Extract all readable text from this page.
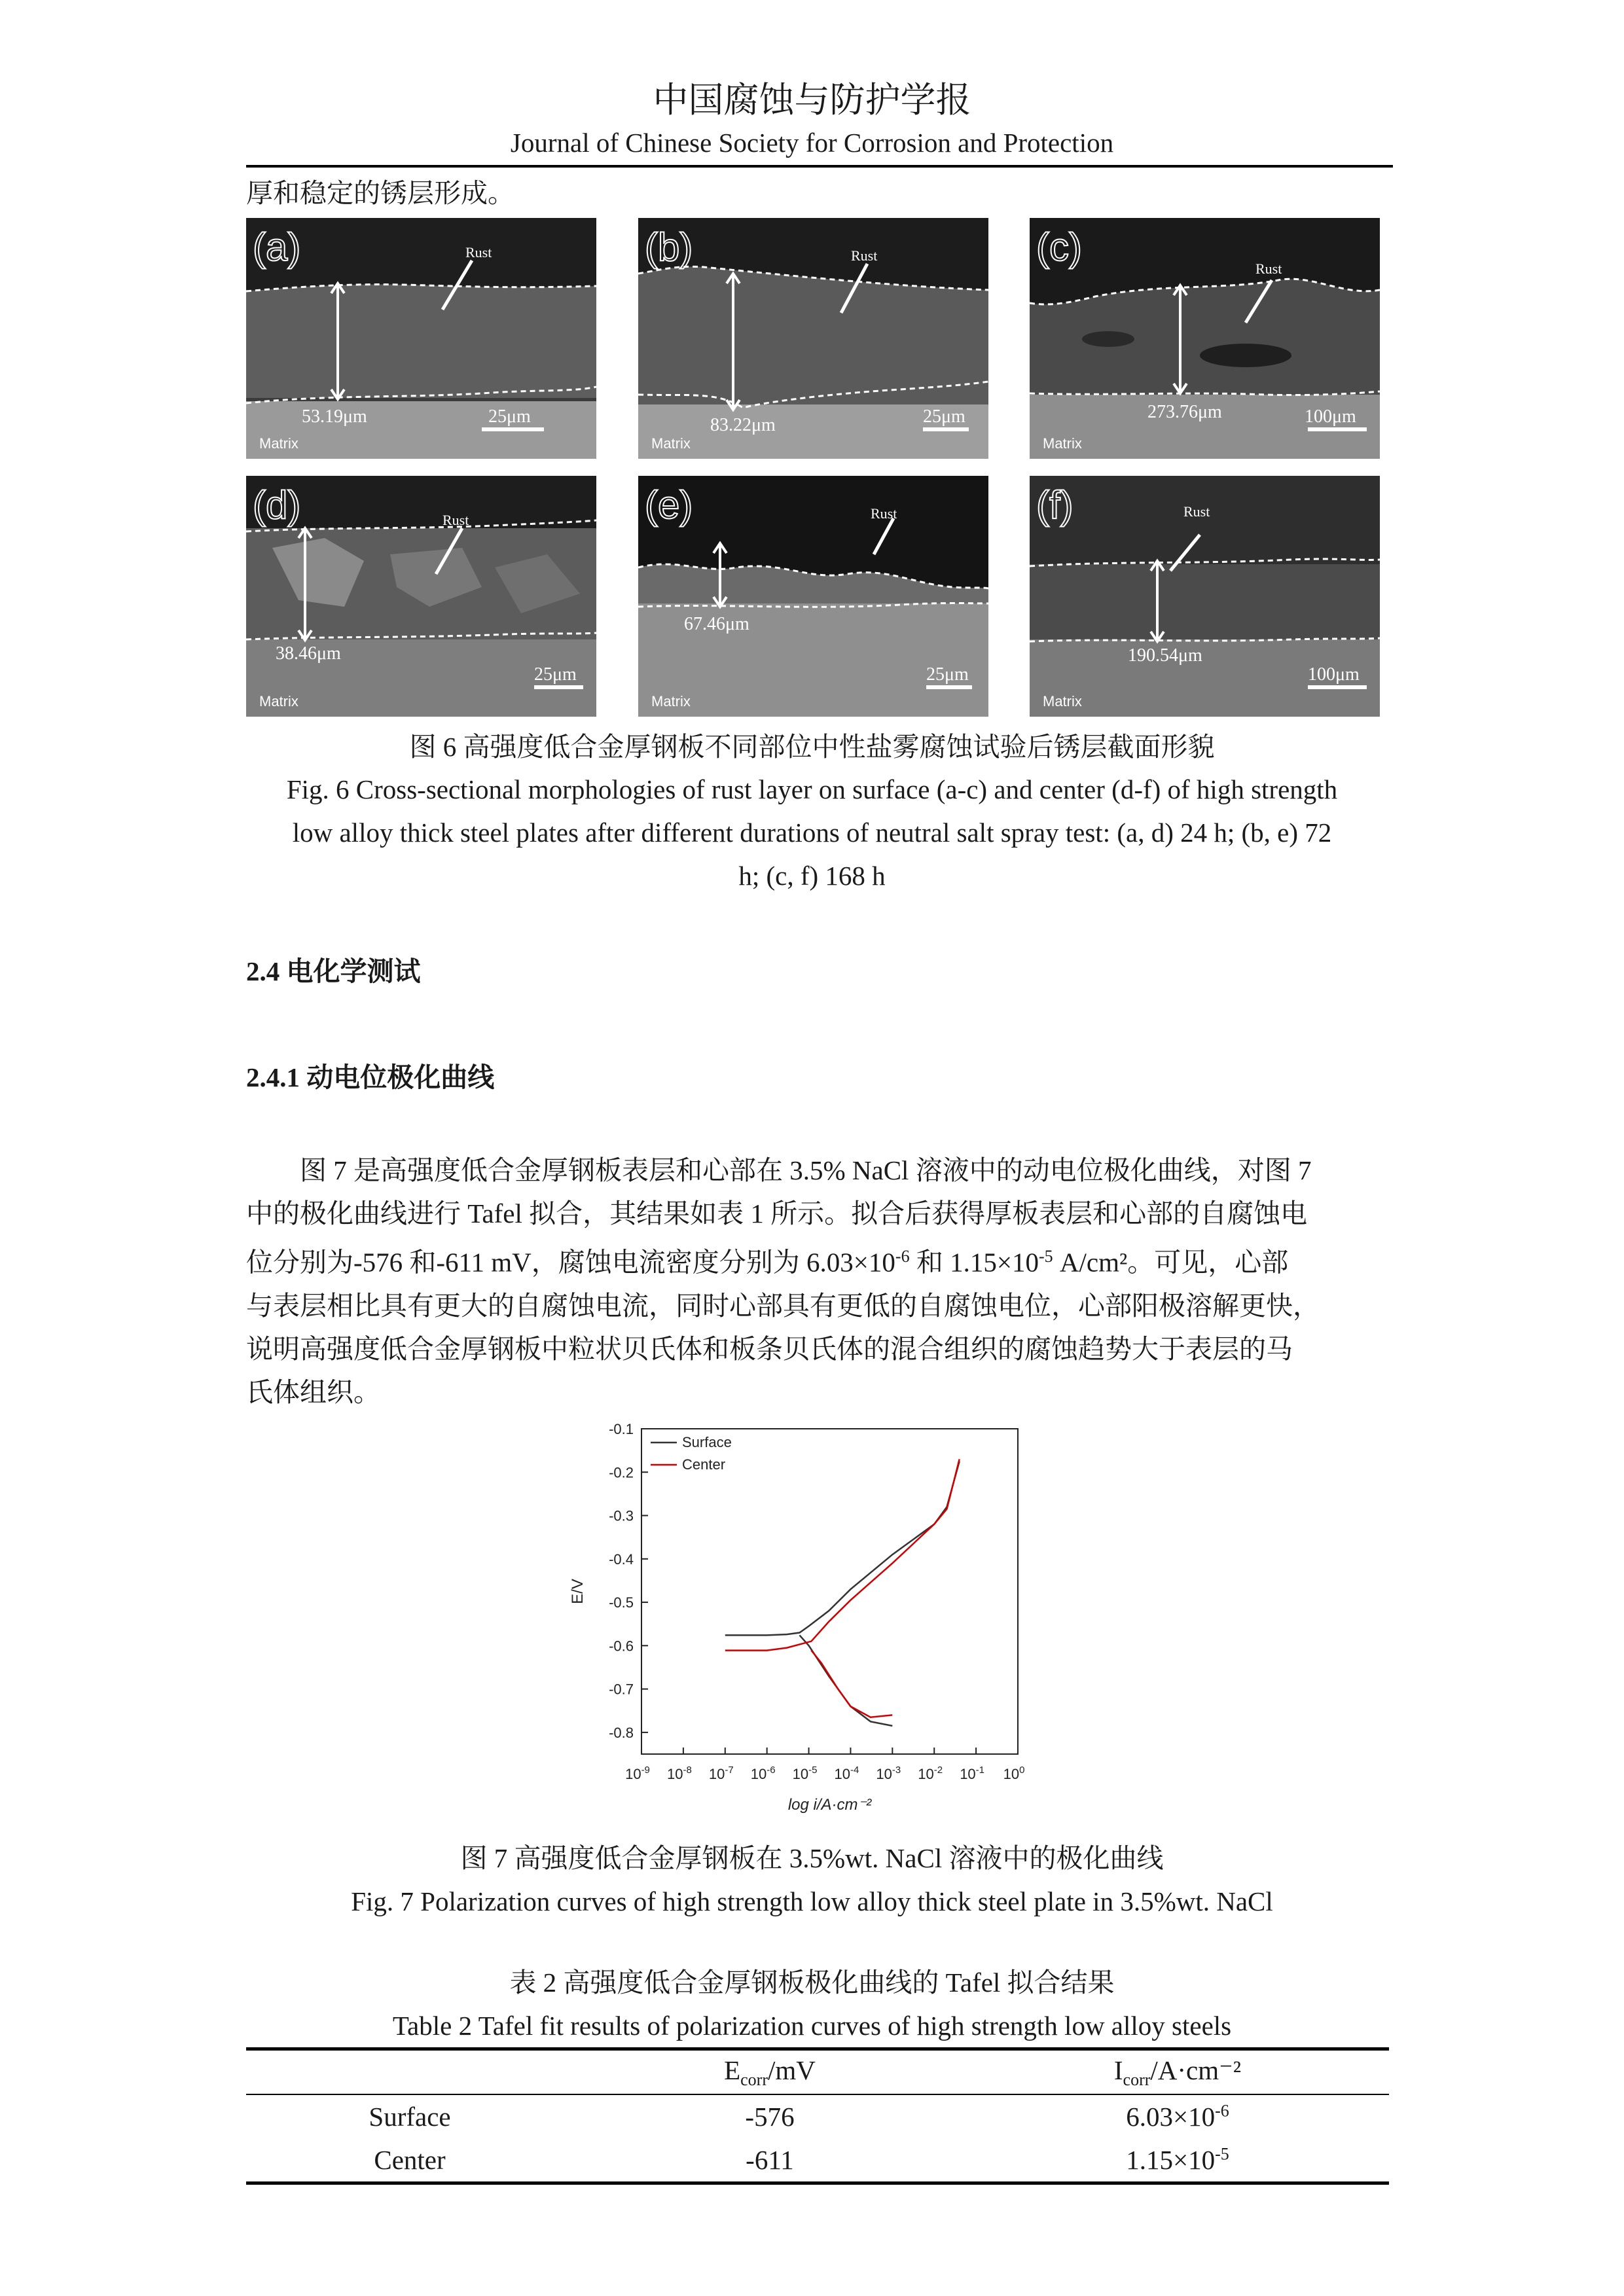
中国腐蚀与防护学报
Journal of Chinese Society for Corrosion and Protection
厚和稳定的锈层形成。
(a)	Rust
53.19μm
Matrix
25μm
(b)	Rust
83.22μm
Matrix
25μm
(c)	Rust
273.76μm
Matrix
100μm
(d)	Rust
38.46μm
Matrix
25μm
(e)	Rust
67.46μm
Matrix
25μm
(f)	Rust
190.54μm
Matrix
100μm
图 6 高强度低合金厚钢板不同部位中性盐雾腐蚀试验后锈层截面形貌
Fig. 6 Cross-sectional morphologies of rust layer on surface (a-c) and center (d-f) of high strength
low alloy thick steel plates after different durations of neutral salt spray test: (a, d) 24 h; (b, e) 72
h; (c, f) 168 h
2.4 电化学测试
2.4.1 动电位极化曲线
图 7 是高强度低合金厚钢板表层和心部在 3.5% NaCl 溶液中的动电位极化曲线，对图 7
中的极化曲线进行 Tafel 拟合，其结果如表 1 所示。拟合后获得厚板表层和心部的自腐蚀电
位分别为-576 和-611 mV，腐蚀电流密度分别为 $6.03\times 10^{-6}$ 和 $1.15\times 10^{-5}$ A/cm²。可见，心部
与表层相比具有更大的自腐蚀电流，同时心部具有更低的自腐蚀电位，心部阳极溶解更快，
说明高强度低合金厚钢板中粒状贝氏体和板条贝氏体的混合组织的腐蚀趋势大于表层的马
氏体组织。
-0.1
-0.2
-0.3
-0.4
-0.5
-0.6
-0.7
-0.8
$10^{-9}$ $10^{-8}$ $10^{-7}$ $10^{-6}$ $10^{-5}$ $10^{-4}$ $10^{-3}$ $10^{-2}$ $10^{-1}$ $10^0$
log i/A·cm⁻²
E/V
Surface
Center
图 7 高强度低合金厚钢板在 3.5%wt. NaCl 溶液中的极化曲线
Fig. 7 Polarization curves of high strength low alloy thick steel plate in 3.5%wt. NaCl
表 2 高强度低合金厚钢板极化曲线的 Tafel 拟合结果
Table 2 Tafel fit results of polarization curves of high strength low alloy steels
	$E_{corr}/mV$	$I_{corr}/A\cdot cm^{-2}$
Surface	-576	$6.03\times 10^{-6}$
Center	-611	$1.15\times 10^{-5}$
